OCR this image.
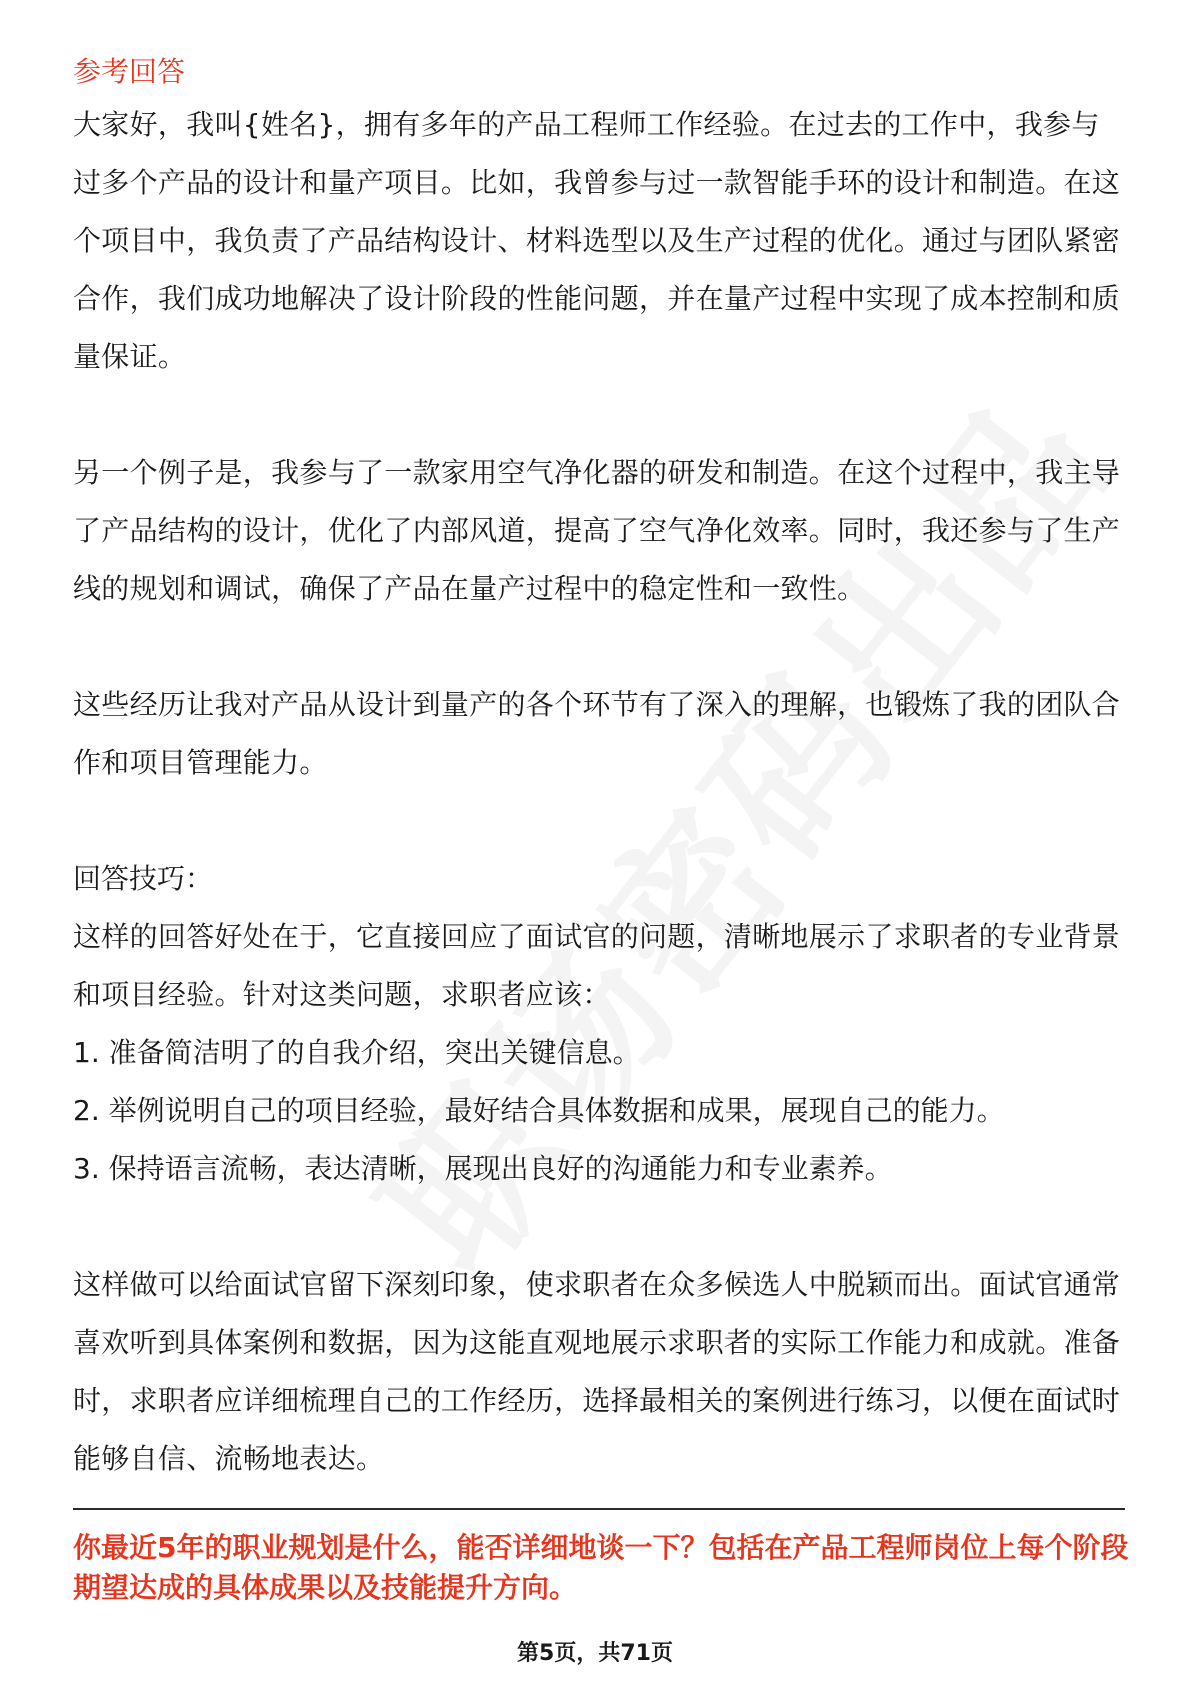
参考回答

大家好，我叫{姓名}，拥有多年的产品工程师工作经验。在过去的工作中，我参与过多个产品的设计和量产项目。比如，我曾参与过一款智能手环的设计和制造。在这个项目中，我负责了产品结构设计、材料选型以及生产过程的优化。通过与团队紧密合作，我们成功地解决了设计阶段的性能问题，并在量产过程中实现了成本控制和质量保证。

另一个例子是，我参与了一款家用空气净化器的研发和制造。在这个过程中，我主导了产品结构的设计，优化了内部风道，提高了空气净化效率。同时，我还参与了生产线的规划和调试，确保了产品在量产过程中的稳定性和一致性。

这些经历让我对产品从设计到量产的各个环节有了深入的理解，也锻炼了我的团队合作和项目管理能力。

回答技巧：

这样的回答好处在于，它直接回应了面试官的问题，清晰地展示了求职者的专业背景和项目经验。针对这类问题，求职者应该：

1. 准备简洁明了的自我介绍，突出关键信息。
2. 举例说明自己的项目经验，最好结合具体数据和成果，展现自己的能力。
3. 保持语言流畅，表达清晰，展现出良好的沟通能力和专业素养。

这样做可以给面试官留下深刻印象，使求职者在众多候选人中脱颖而出。面试官通常喜欢听到具体案例和数据，因为这能直观地展示求职者的实际工作能力和成就。准备时，求职者应详细梳理自己的工作经历，选择最相关的案例进行练习，以便在面试时能够自信、流畅地表达。

你最近5年的职业规划是什么，能否详细地谈一下？包括在产品工程师岗位上每个阶段期望达成的具体成果以及技能提升方向。

第5页，共71页
